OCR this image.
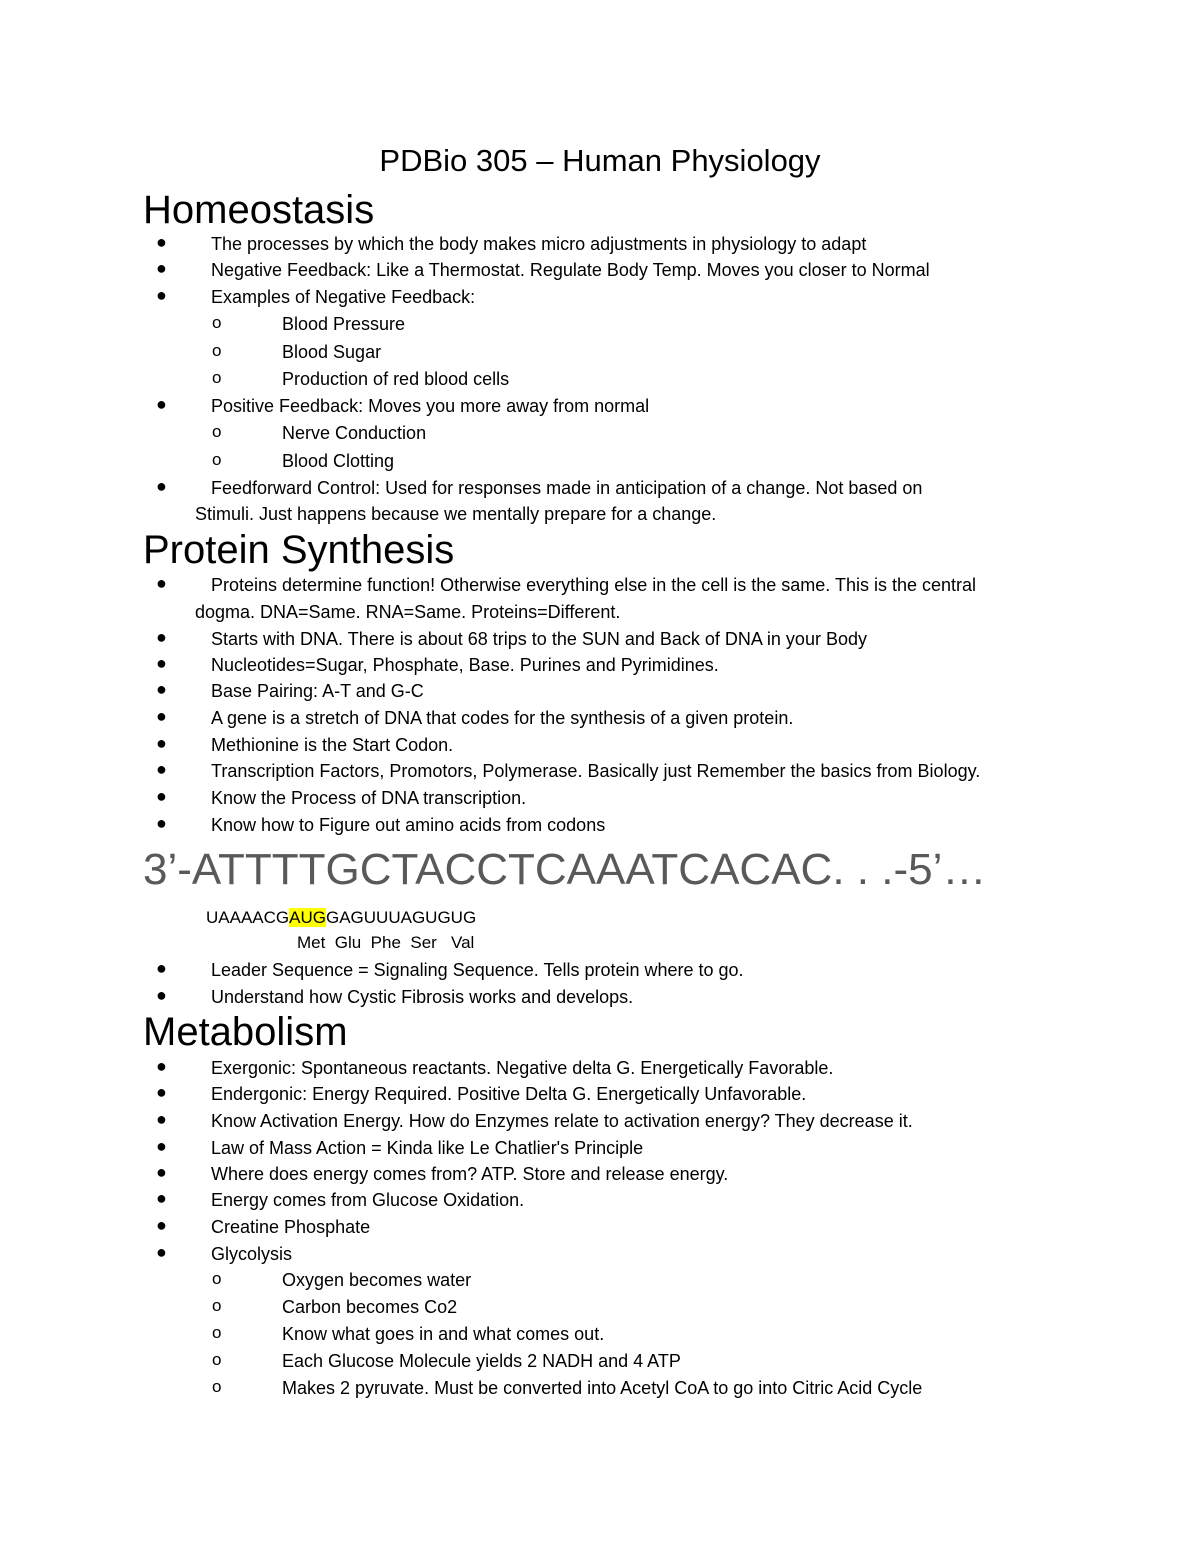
PDBio 305 – Human Physiology
Homeostasis
● The processes by which the body makes micro adjustments in physiology to adapt
● Negative Feedback: Like a Thermostat. Regulate Body Temp. Moves you closer to Normal
● Examples of Negative Feedback:
o	Blood Pressure
o	Blood Sugar
o	Production of red blood cells
● Positive Feedback: Moves you more away from normal
o	Nerve Conduction
o	Blood Clotting
● Feedforward Control: Used for responses made in anticipation of a change. Not based on
Stimuli. Just happens because we mentally prepare for a change.
Protein Synthesis
● Proteins determine function! Otherwise everything else in the cell is the same. This is the central
dogma. DNA=Same. RNA=Same. Proteins=Different.
● Starts with DNA. There is about 68 trips to the SUN and Back of DNA in your Body
● Nucleotides=Sugar, Phosphate, Base. Purines and Pyrimidines.
● Base Pairing: A-T and G-C
● A gene is a stretch of DNA that codes for the synthesis of a given protein.
● Methionine is the Start Codon.
● Transcription Factors, Promotors, Polymerase. Basically just Remember the basics from Biology.
● Know the Process of DNA transcription.
● Know how to Figure out amino acids from codons
3’-ATTTTGCTACCTCAAATCACAC. . .-5’…
UAAAACGAUGGAGUUUAGUGUG
Met  Glu  Phe  Ser   Val
● Leader Sequence = Signaling Sequence. Tells protein where to go.
● Understand how Cystic Fibrosis works and develops.
Metabolism
● Exergonic: Spontaneous reactants. Negative delta G. Energetically Favorable.
● Endergonic: Energy Required. Positive Delta G. Energetically Unfavorable.
● Know Activation Energy. How do Enzymes relate to activation energy? They decrease it.
● Law of Mass Action = Kinda like Le Chatlier's Principle
● Where does energy comes from? ATP. Store and release energy.
● Energy comes from Glucose Oxidation.
● Creatine Phosphate
● Glycolysis
o	Oxygen becomes water
o	Carbon becomes Co2
o	Know what goes in and what comes out.
o	Each Glucose Molecule yields 2 NADH and 4 ATP
o	Makes 2 pyruvate. Must be converted into Acetyl CoA to go into Citric Acid Cycle
